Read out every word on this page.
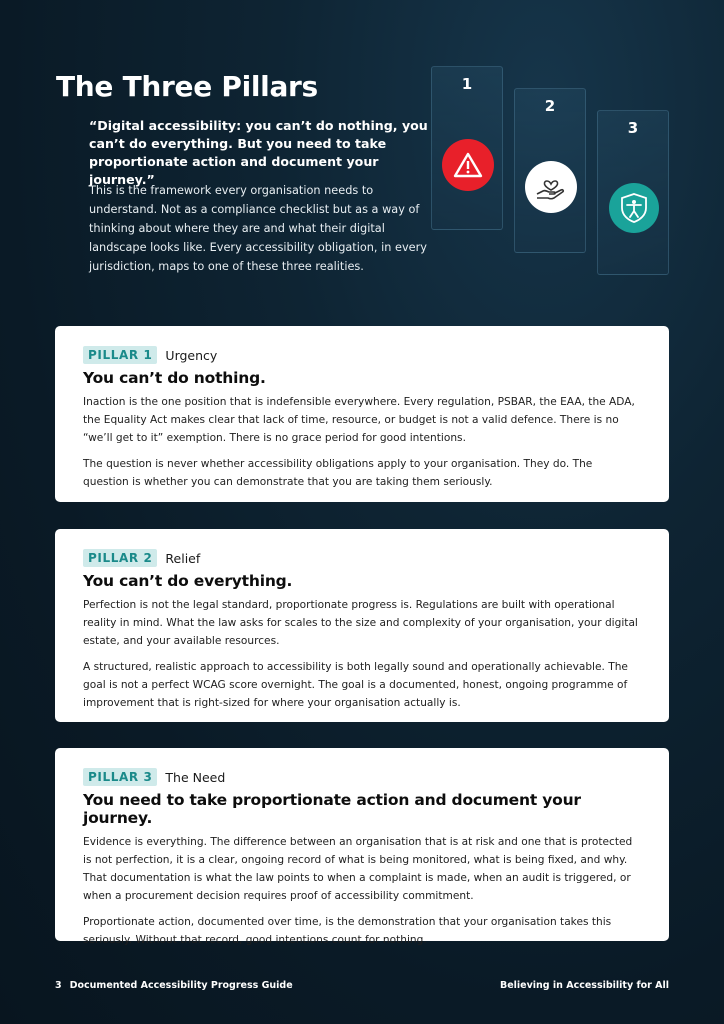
The Three Pillars
“Digital accessibility: you can’t do nothing, you can’t do everything. But you need to take proportionate action and document your journey.”
This is the framework every organisation needs to understand. Not as a compliance checklist but as a way of thinking about where they are and what their digital landscape looks like. Every accessibility obligation, in every jurisdiction, maps to one of these three realities.
1
2
3
PILLAR 1	Urgency
You can’t do nothing.

Inaction is the one position that is indefensible everywhere. Every regulation, PSBAR, the EAA, the ADA, the Equality Act makes clear that lack of time, resource, or budget is not a valid defence. There is no “we’ll get to it” exemption. There is no grace period for good intentions.

The question is never whether accessibility obligations apply to your organisation. They do. The question is whether you can demonstrate that you are taking them seriously.

PILLAR 2	Relief
You can’t do everything.

Perfection is not the legal standard, proportionate progress is. Regulations are built with operational reality in mind. What the law asks for scales to the size and complexity of your organisation, your digital estate, and your available resources.

A structured, realistic approach to accessibility is both legally sound and operationally achievable. The goal is not a perfect WCAG score overnight. The goal is a documented, honest, ongoing programme of improvement that is right-sized for where your organisation actually is.

PILLAR 3	The Need
You need to take proportionate action and document your journey.

Evidence is everything. The difference between an organisation that is at risk and one that is protected is not perfection, it is a clear, ongoing record of what is being monitored, what is being fixed, and why. That documentation is what the law points to when a complaint is made, when an audit is triggered, or when a procurement decision requires proof of accessibility commitment.

Proportionate action, documented over time, is the demonstration that your organisation takes this seriously. Without that record, good intentions count for nothing.

3 Documented Accessibility Progress Guide	Believing in Accessibility for All
